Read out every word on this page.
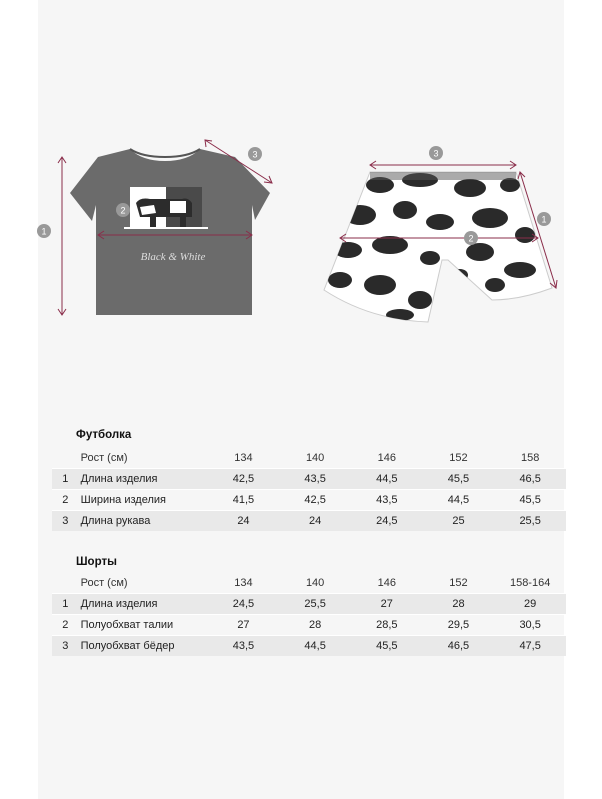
Black & White
1
2
3
1
2
3
Футболка
	Рост (см)	134	140	146	152	158
1	Длина изделия	42,5	43,5	44,5	45,5	46,5
2	Ширина изделия	41,5	42,5	43,5	44,5	45,5
3	Длина рукава	24	24	24,5	25	25,5
Шорты
	Рост (см)	134	140	146	152	158-164
1	Длина изделия	24,5	25,5	27	28	29
2	Полуобхват талии	27	28	28,5	29,5	30,5
3	Полуобхват бёдер	43,5	44,5	45,5	46,5	47,5
